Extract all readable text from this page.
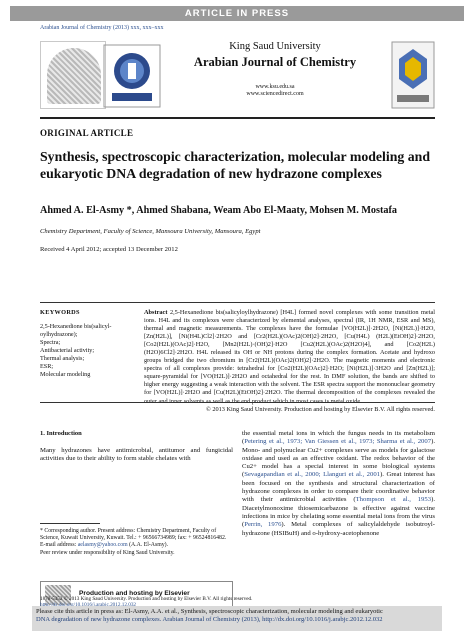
ARTICLE IN PRESS
Arabian Journal of Chemistry (2013) xxx, xxx–xxx
King Saud University
Arabian Journal of Chemistry
www.ksu.edu.sa
www.sciencedirect.com
ORIGINAL ARTICLE
Synthesis, spectroscopic characterization, molecular modeling and eukaryotic DNA degradation of new hydrazone complexes
Ahmed A. El-Asmy *, Ahmed Shabana, Weam Abo El-Maaty, Mohsen M. Mostafa
Chemistry Department, Faculty of Science, Mansoura University, Mansoura, Egypt
Received 4 April 2012; accepted 13 December 2012
KEYWORDS
2,5-Hexanedione bis(salicyl-oylhydrazone);
Spectra;
Antibacterial activity;
Thermal analysis;
ESR;
Molecular modeling
Abstract 2,5-Hexanedione bis(salicyloylhydrazone) [H4L] formed novel complexes with some transition metal ions. H4L and its complexes were characterized by elemental analyses, spectral (IR, 1H NMR, ESR and MS), thermal and magnetic measurements. The complexes have the formulae [VO(H2L)]·2H2O, [Ni(H2L)]·H2O, [Zn(H2L)], [Ni(H4L)Cl2]·2H2O and [Cr2(H2L)(OAc)2(OH)2]·2H2O, [Cu(H4L) (H2L)(EtOH)2]·2H2O, [Co2(H2L)(OAc)2]·H2O, [Mn2(H2L)·(OH)2]·H2O [Cu2(H2L)(OAc)2(H2O)4], and [Co2(H2L)(H2O)6Cl2]·2H2O. H4L released its OH or NH protons during the complex formation. Acetate and hydroxo groups bridged the two chromium in [Cr2(H2L)(OAc)2(OH)2]·2H2O. The magnetic moments and electronic spectra of all complexes provide: tetrahedral for [Co2(H2L)(OAc)2]·H2O; [Ni(H2L)]·3H2O and [Zn(H2L)]; square-pyramidal for [VO(H2L)]·2H2O and octahedral for the rest. In DMF solution, the bands are shifted to higher energy suggesting a weak interaction with the solvent. The ESR spectra support the mononuclear geometry for [VO(H2L)]·2H2O and [Cu(H2L)(EtOH)2]·2H2O. The thermal decomposition of the complexes revealed the
© 2013 King Saud University. Production and hosting by Elsevier B.V. All rights reserved.
1. Introduction
Many hydrazones have antimicrobial, antitumor and fungicidal activities due to their ability to form stable chelates with
* Corresponding author. Present address: Chemistry Department, Faculty of Science, Kuwait University, Kuwait. Tel.: + 96566734989; fax: + 96524816482.
E-mail address: aelasmy@yahoo.com (A.A. El-Asmy).
Peer review under responsibility of King Saud University.
Production and hosting by Elsevier
the essential metal ions in which the fungus needs in its metabolism (Petering et al., 1973; Van Giessen et al., 1973; Sharma et al., 2007). Mono- and polynuclear Cu2+ complexes serve as models for galactose oxidase and used as an effective oxidant. The redox behavior of the Cu2+ model has a special interest in some biological systems (Sevagapandian et al., 2000; Llanguri et al., 2001). Great interest has been focused on the synthesis and structural characterization of hydrazone complexes in order to compare their coordinative behavior with their antimicrobial activities (Thompson et al., 1953). Diacetylmonoxime thiosemicarbazone is effective against vaccine infections in mice by chelating some essential metal ions from the virus (Perrin, 1976). Metal complexes of salicylaldehyde isobutroyl-hydrazone (HSIBuH) and o-hydroxy-acetophenone
1878-5352 © 2013 King Saud University. Production and hosting by Elsevier B.V. All rights reserved.
Please cite this article in press as: El-Asmy, A.A. et al., Synthesis, spectroscopic characterization, molecular modeling and eukaryotic
DNA degradation of new hydrazone complexes. Arabian Journal of Chemistry (2013), http://dx.doi.org/10.1016/j.arabjc.2012.12.032
